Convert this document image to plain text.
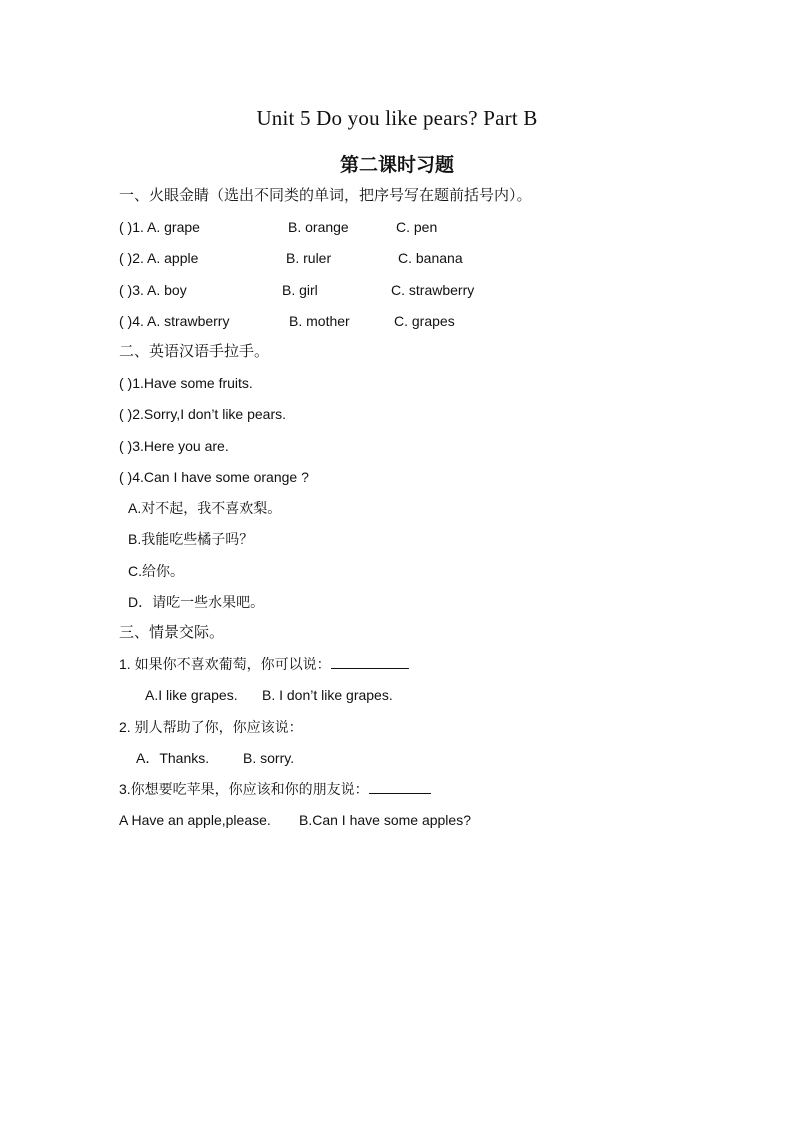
Unit 5 Do you like pears? Part B
第二课时习题
一、火眼金睛（选出不同类的单词，把序号写在题前括号内）。
( )1. A. grape	B. orange	C. pen
( )2. A. apple	B. ruler	C. banana
( )3. A. boy	B. girl	C. strawberry
( )4. A. strawberry	B. mother	C. grapes
二、英语汉语手拉手。
( )1.Have some fruits.
( )2.Sorry,I don’t like pears.
( )3.Here you are.
( )4.Can I have some orange ?
A.对不起，我不喜欢梨。
B.我能吃些橘子吗？
C.给你。
D．请吃一些水果吧。
三、情景交际。
1. 如果你不喜欢葡萄，你可以说：
A.I like grapes. B. I don’t like grapes.
2. 别人帮助了你，你应该说：
A．Thanks. B. sorry.
3.你想要吃苹果，你应该和你的朋友说：
A Have an apple,please. B.Can I have some apples?
